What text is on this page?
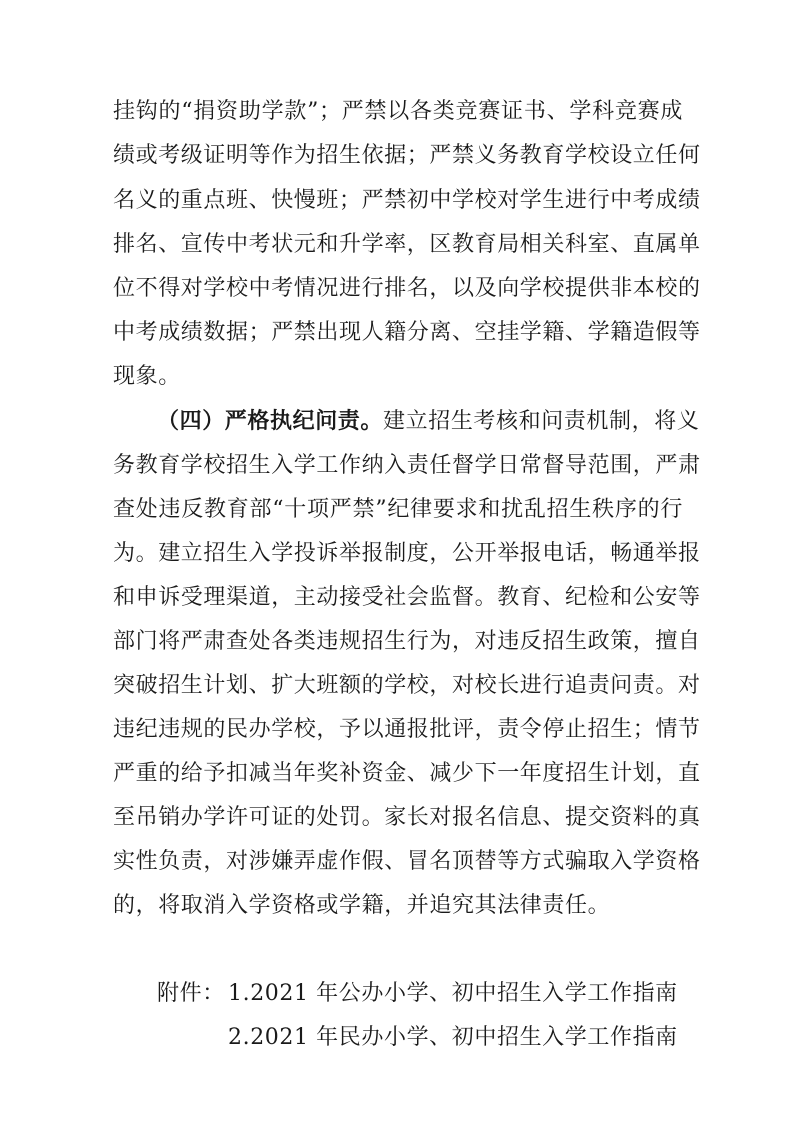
挂钩的“捐资助学款”；严禁以各类竞赛证书、学科竞赛成
绩或考级证明等作为招生依据；严禁义务教育学校设立任何
名义的重点班、快慢班；严禁初中学校对学生进行中考成绩
排名、宣传中考状元和升学率，区教育局相关科室、直属单
位不得对学校中考情况进行排名，以及向学校提供非本校的
中考成绩数据；严禁出现人籍分离、空挂学籍、学籍造假等
现象。
（四）严格执纪问责。建立招生考核和问责机制，将义
务教育学校招生入学工作纳入责任督学日常督导范围，严肃
查处违反教育部“十项严禁”纪律要求和扰乱招生秩序的行
为。建立招生入学投诉举报制度，公开举报电话，畅通举报
和申诉受理渠道，主动接受社会监督。教育、纪检和公安等
部门将严肃查处各类违规招生行为，对违反招生政策，擅自
突破招生计划、扩大班额的学校，对校长进行追责问责。对
违纪违规的民办学校，予以通报批评，责令停止招生；情节
严重的给予扣减当年奖补资金、减少下一年度招生计划，直
至吊销办学许可证的处罚。家长对报名信息、提交资料的真
实性负责，对涉嫌弄虚作假、冒名顶替等方式骗取入学资格
的，将取消入学资格或学籍，并追究其法律责任。
附件： 1.2021 年公办小学、初中招生入学工作指南
2.2021 年民办小学、初中招生入学工作指南
